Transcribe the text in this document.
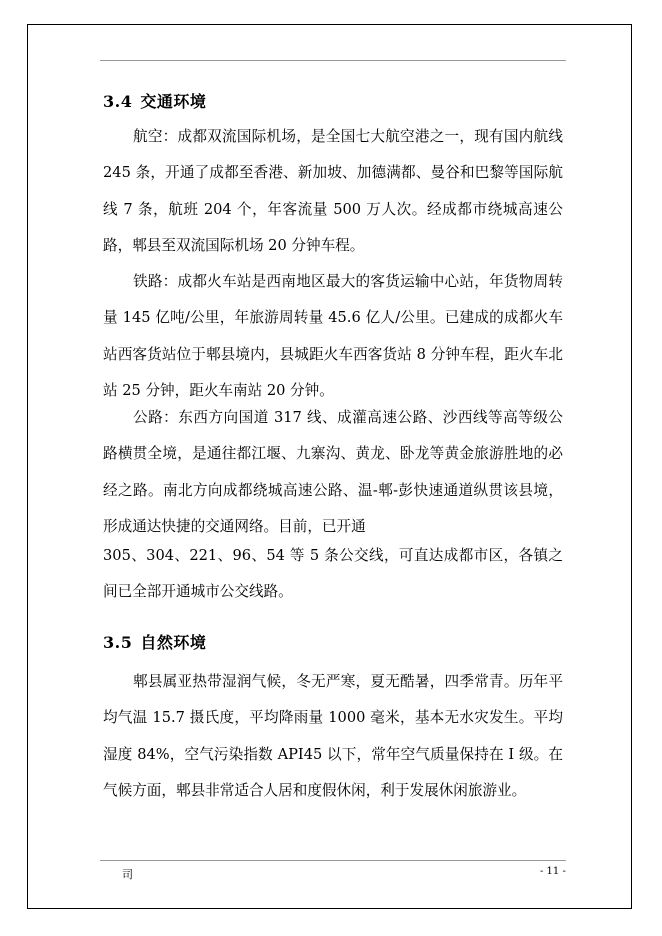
3.4 交通环境

航空：成都双流国际机场，是全国七大航空港之一，现有国内航线 245 条，开通了成都至香港、新加坡、加德满都、曼谷和巴黎等国际航线 7 条，航班 204 个，年客流量 500 万人次。经成都市绕城高速公路，郫县至双流国际机场 20 分钟车程。

铁路：成都火车站是西南地区最大的客货运输中心站，年货物周转量 145 亿吨/公里，年旅游周转量 45.6 亿人/公里。已建成的成都火车站西客货站位于郫县境内，县城距火车西客货站 8 分钟车程，距火车北站 25 分钟，距火车南站 20 分钟。

公路：东西方向国道 317 线、成灌高速公路、沙西线等高等级公路横贯全境，是通往都江堰、九寨沟、黄龙、卧龙等黄金旅游胜地的必经之路。南北方向成都绕城高速公路、温-郫-彭快速通道纵贯该县境，形成通达快捷的交通网络。目前，已开通

305、304、221、96、54 等 5 条公交线，可直达成都市区，各镇之间已全部开通城市公交线路。

3.5 自然环境

郫县属亚热带湿润气候，冬无严寒，夏无酷暑，四季常青。历年平均气温 15.7 摄氏度，平均降雨量 1000 毫米，基本无水灾发生。平均湿度 84%，空气污染指数 API45 以下，常年空气质量保持在 I 级。在气候方面，郫县非常适合人居和度假休闲，利于发展休闲旅游业。

司	- 11 -
